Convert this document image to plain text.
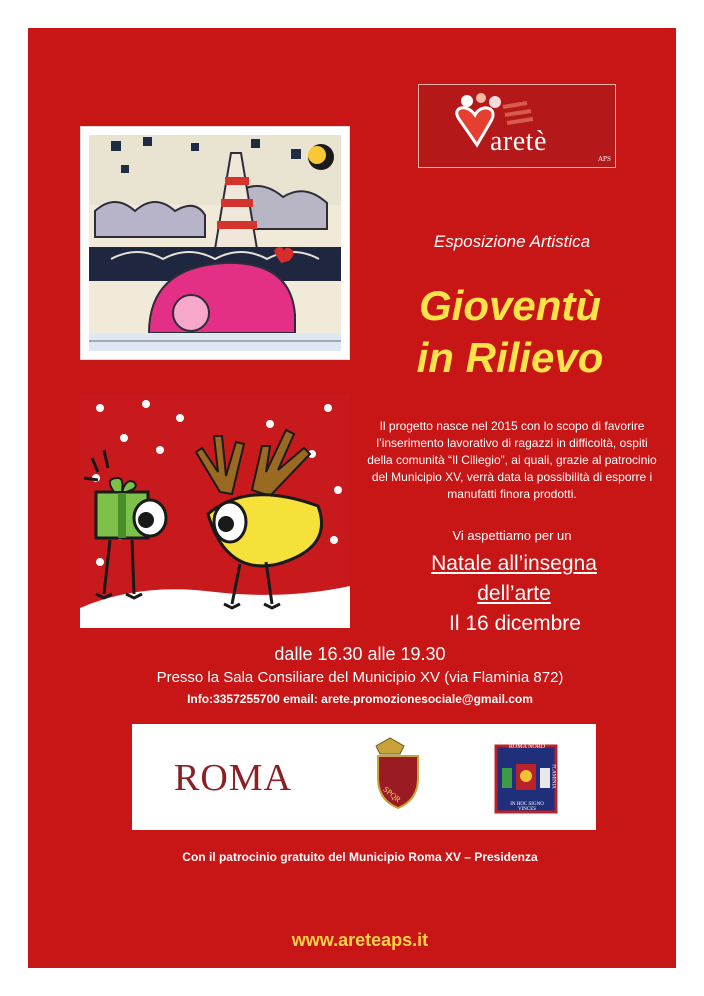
aretè
APS
Esposizione Artistica
Gioventù
in Rilievo
Il progetto nasce nel 2015 con lo scopo di favorire l’inserimento lavorativo di ragazzi in difficoltà, ospiti della comunità “Il Ciliegio”, ai quali, grazie al patrocinio del Municipio XV, verrà data la possibilità di esporre i manufatti finora prodotti.
Vi aspettiamo per un
Natale all’insegna
dell’arte
Il 16 dicembre
dalle 16.30 alle 19.30
Presso la Sala Consiliare del Municipio XV (via Flaminia 872)
Info:3357255700 email: arete.promozionesociale@gmail.com
ROMA NORD
IN HOC SIGNO VINCES
CASSIA	FLAMINIA
ROMA	SPQR
Con il patrocinio gratuito del Municipio Roma XV – Presidenza
www.areteaps.it
